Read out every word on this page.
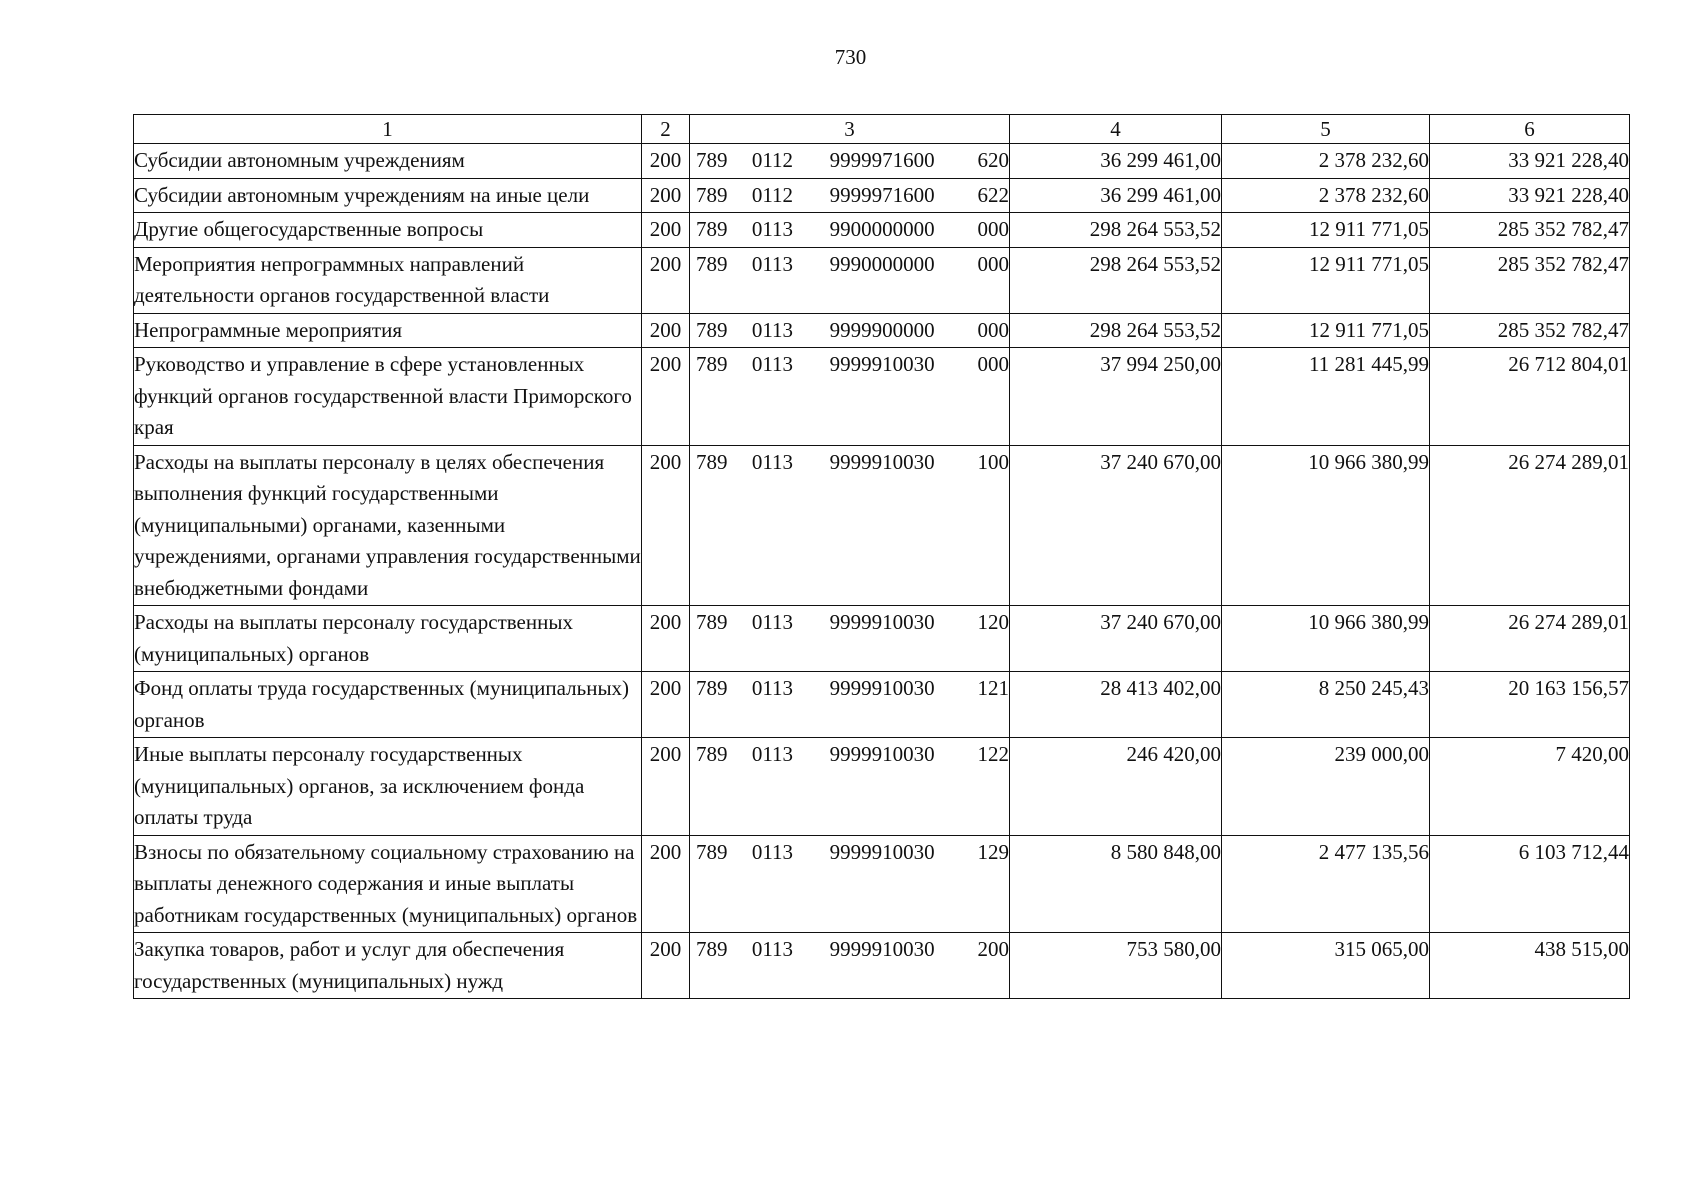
730
1	2	3	4	5	6
Субсидии автономным учреждениям	200	789 0112 9999971600 620	36 299 461,00	2 378 232,60	33 921 228,40
Субсидии автономным учреждениям на иные цели	200	789 0112 9999971600 622	36 299 461,00	2 378 232,60	33 921 228,40
Другие общегосударственные вопросы	200	789 0113 9900000000 000	298 264 553,52	12 911 771,05	285 352 782,47
Мероприятия непрограммных направлений деятельности органов государственной власти	200	789 0113 9990000000 000	298 264 553,52	12 911 771,05	285 352 782,47
Непрограммные мероприятия	200	789 0113 9999900000 000	298 264 553,52	12 911 771,05	285 352 782,47
Руководство и управление в сфере установленных функций органов государственной власти Приморского края	200	789 0113 9999910030 000	37 994 250,00	11 281 445,99	26 712 804,01
Расходы на выплаты персоналу в целях обеспечения выполнения функций государственными (муниципальными) органами, казенными учреждениями, органами управления государственными внебюджетными фондами	200	789 0113 9999910030 100	37 240 670,00	10 966 380,99	26 274 289,01
Расходы на выплаты персоналу государственных (муниципальных) органов	200	789 0113 9999910030 120	37 240 670,00	10 966 380,99	26 274 289,01
Фонд оплаты труда государственных (муниципальных) органов	200	789 0113 9999910030 121	28 413 402,00	8 250 245,43	20 163 156,57
Иные выплаты персоналу государственных (муниципальных) органов, за исключением фонда оплаты труда	200	789 0113 9999910030 122	246 420,00	239 000,00	7 420,00
Взносы по обязательному социальному страхованию на выплаты денежного содержания и иные выплаты работникам государственных (муниципальных) органов	200	789 0113 9999910030 129	8 580 848,00	2 477 135,56	6 103 712,44
Закупка товаров, работ и услуг для обеспечения государственных (муниципальных) нужд	200	789 0113 9999910030 200	753 580,00	315 065,00	438 515,00
